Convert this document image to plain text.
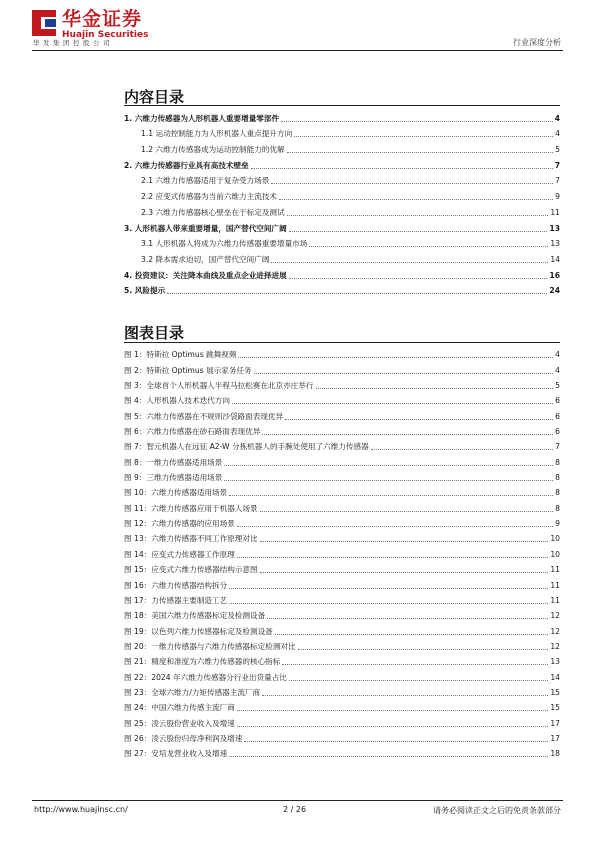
华金证券
Huajin Securities
华发集团控股公司	行业深度分析
内容目录
1. 六维力传感器为人形机器人重要增量零部件	4
1.1 运动控制能力为人形机器人重点提升方向	4
1.2 六维力传感器成为运动控制能力的优解	5
2. 六维力传感器行业具有高技术壁垒	7
2.1 六维力传感器适用于复杂受力场景	7
2.2 应变式传感器为当前六维力主流技术	9
2.3 六维力传感器核心壁垒在于标定及测试	11
3. 人形机器人带来重要增量，国产替代空间广阔	13
3.1 人形机器人将成为六维力传感器重要增量市场	13
3.2 降本需求迫切，国产替代空间广阔	14
4. 投资建议：关注降本曲线及重点企业进择进展	16
5. 风险提示	24
图表目录
图 1：特斯拉 Optimus 跳舞视频	4
图 2：特斯拉 Optimus 展示家务任务	4
图 3：全球首个人形机器人半程马拉松赛在北京亦庄举行	5
图 4：人形机器人技术迭代方向	6
图 5：六维力传感器在不规则沙袋路面表现优异	6
图 6：六维力传感器在砂石路面表现优异	6
图 7：智元机器人在远征 A2-W 分拣机器人的手腕处使用了六维力传感器	7
图 8：一维力传感器适用场景	8
图 9：三维力传感器适用场景	8
图 10：六维力传感器适用场景	8
图 11：六维力传感器应用于机器人场景	8
图 12：六维力传感器的应用场景	9
图 13：六维力传感器不同工作原理对比	10
图 14：应变式力传感器工作原理	10
图 15：应变式六维力传感器结构示意图	11
图 16：六维力传感器结构拆分	11
图 17：力传感器主要制造工艺	11
图 18：美国六维力传感器标定及检测设备	12
图 19：以色列六维力传感器标定及检测设备	12
图 20：一维力传感器与六维力传感器标定检测对比	12
图 21：精度和准度为六维力传感器的核心指标	13
图 22：2024 年六维力传感器分行业出货量占比	14
图 23：全球六维力/力矩传感器主流厂商	15
图 24：中国六维力传感主流厂商	15
图 25：凌云股份营业收入及增速	17
图 26：凌云股份归母净利润及增速	17
图 27：安培龙营业收入及增速	18
http://www.huajinsc.cn/	2 / 26	请务必阅读正文之后的免责条款部分
